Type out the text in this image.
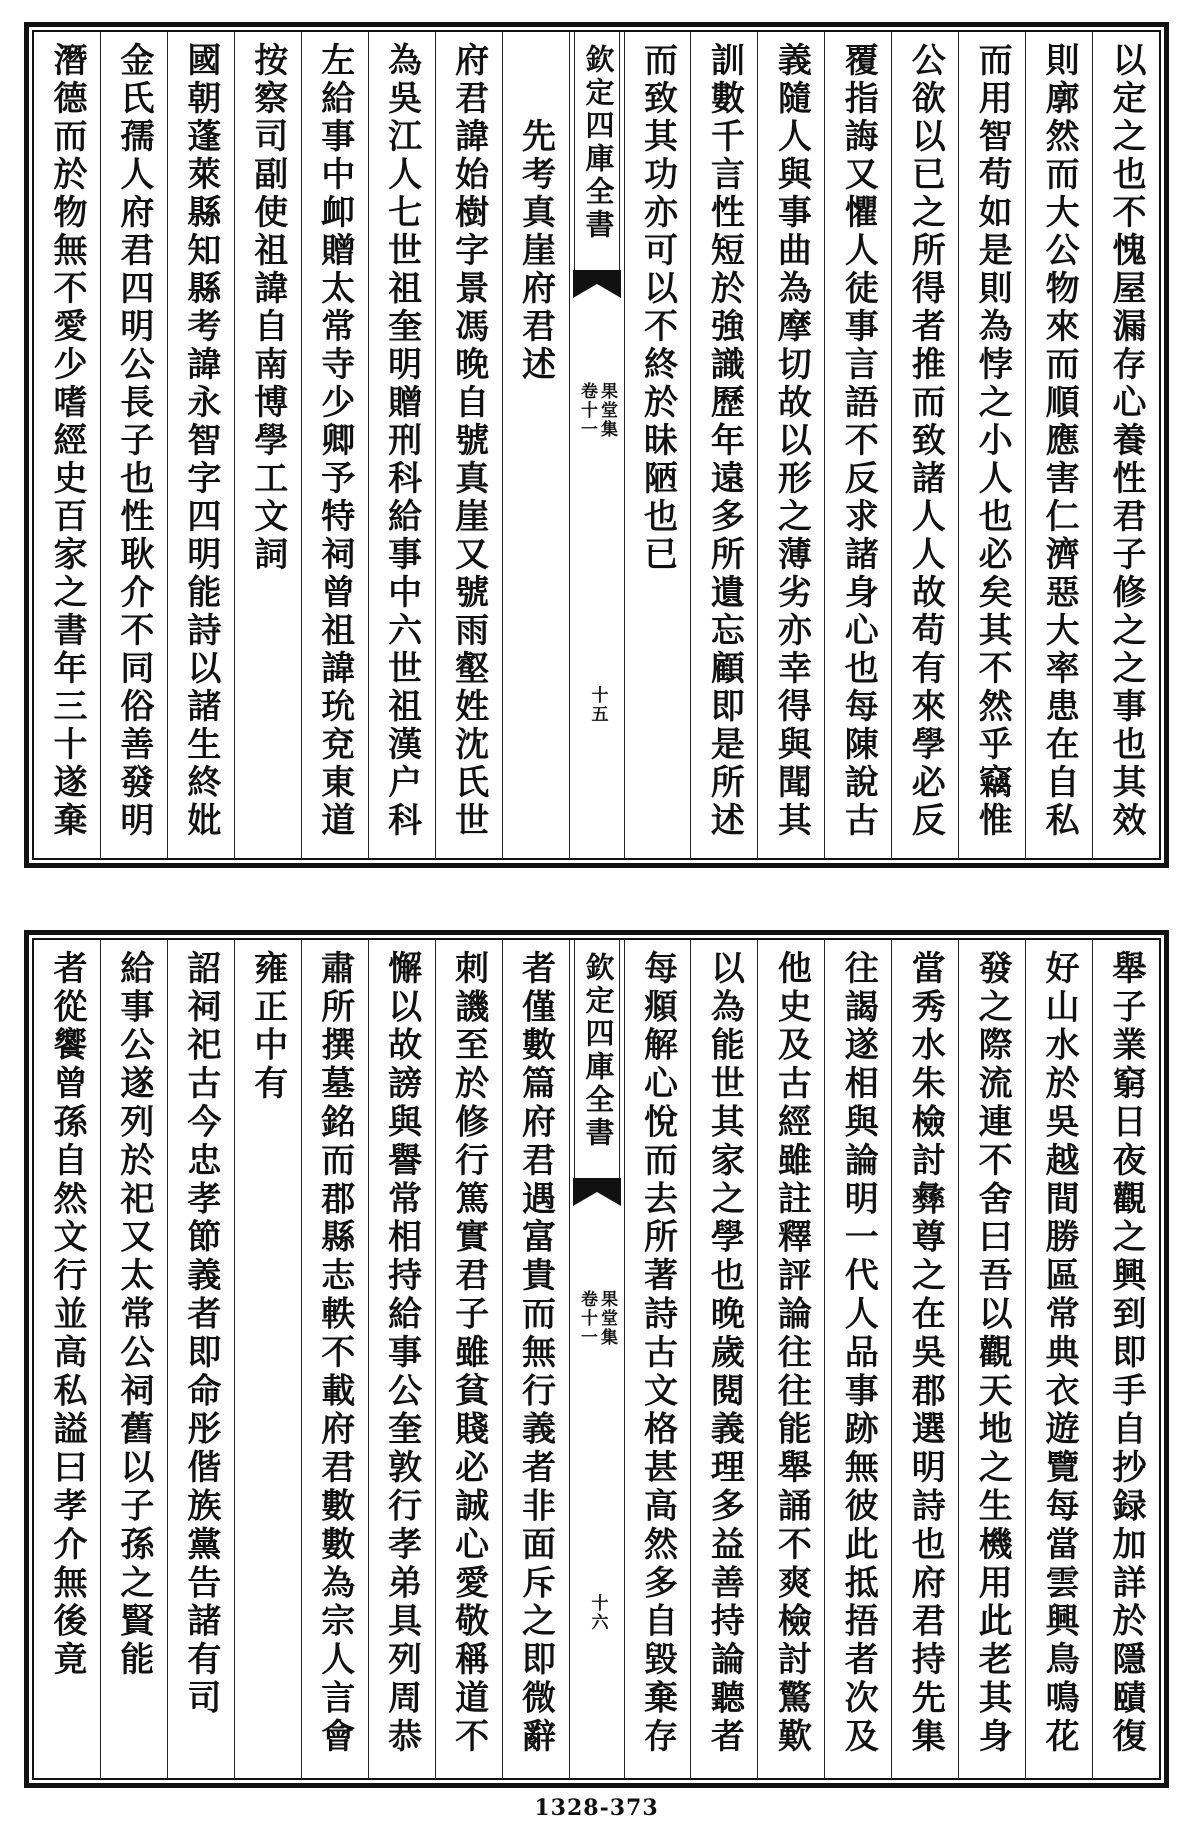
以定之也不愧屋漏存心養性君子修之之事也其效
則廓然而大公物來而順應害仁濟惡大率患在自私
而用智苟如是則為悖之小人也必矣其不然乎竊惟
公欲以已之所得者推而致諸人人故苟有來學必反
覆指誨又懼人徒事言語不反求諸身心也每陳說古
義隨人與事曲為摩切故以形之薄劣亦幸得與聞其
訓數千言性短於強識歷年遠多所遺忘顧即是所述
而致其功亦可以不終於昧陋也已
欽定四庫全書
果堂集
卷十一
十五
先考真崖府君述
府君諱始樹字景馮晚自號真崖又號雨壑姓沈氏世
為吳江人七世祖奎明贈刑科給事中六世祖漢户科
左給事中卹贈太常寺少卿予特祠曾祖諱玧兗東道
按察司副使祖諱自南博學工文詞
國朝蓬萊縣知縣考諱永智字四明能詩以諸生終妣
金氏孺人府君四明公長子也性耿介不同俗善發明
潛德而於物無不愛少嗜經史百家之書年三十遂棄
舉子業窮日夜觀之興到即手自抄録加詳於隱賾復
好山水於吳越間勝區常典衣遊覽每當雲興鳥鳴花
發之際流連不舍曰吾以觀天地之生機用此老其身
當秀水朱檢討彝尊之在吳郡選明詩也府君持先集
往謁遂相與論明一代人品事跡無彼此抵捂者次及
他史及古經雖註釋評論往往能舉誦不爽檢討驚歎
以為能世其家之學也晚歲閱義理多益善持論聽者
每頫解心悅而去所著詩古文格甚高然多自毀棄存
欽定四庫全書
果堂集
卷十一
十六
者僅數篇府君遇富貴而無行義者非面斥之即微辭
刺譏至於修行篤實君子雖貧賤必誠心愛敬稱道不
懈以故謗與譽常相持給事公奎敦行孝弟具列周恭
肅所撰墓銘而郡縣志軼不載府君數數為宗人言會
雍正中有
詔祠祀古今忠孝節義者即命彤偕族黨告諸有司
給事公遂列於祀又太常公祠舊以子孫之賢能
者從饗曾孫自然文行並高私謚曰孝介無後竟
1328-373
